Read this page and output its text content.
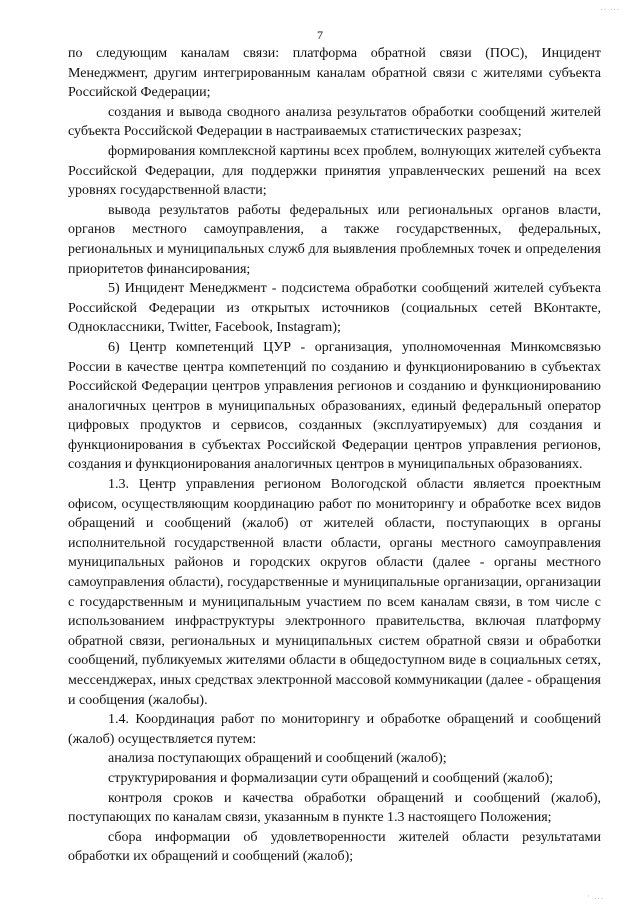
.. ...
7

по следующим каналам связи: платформа обратной связи (ПОС), Инцидент Менеджмент, другим интегрированным каналам обратной связи с жителями субъекта Российской Федерации;

создания и вывода сводного анализа результатов обработки сообщений жителей субъекта Российской Федерации в настраиваемых статистических разрезах;

формирования комплексной картины всех проблем, волнующих жителей субъекта Российской Федерации, для поддержки принятия управленческих решений на всех уровнях государственной власти;

вывода результатов работы федеральных или региональных органов власти, органов местного самоуправления, а также государственных, федеральных, региональных и муниципальных служб для выявления проблемных точек и определения приоритетов финансирования;

5) Инцидент Менеджмент - подсистема обработки сообщений жителей субъекта Российской Федерации из открытых источников (социальных сетей ВКонтакте, Одноклассники, Twitter, Facebook, Instagram);

6) Центр компетенций ЦУР - организация, уполномоченная Минкомсвязью России в качестве центра компетенций по созданию и функционированию в субъектах Российской Федерации центров управления регионов и созданию и функционированию аналогичных центров в муниципальных образованиях, единый федеральный оператор цифровых продуктов и сервисов, созданных (эксплуатируемых) для создания и функционирования в субъектах Российской Федерации центров управления регионов, создания и функционирования аналогичных центров в муниципальных образованиях.

1.3. Центр управления регионом Вологодской области является проектным офисом, осуществляющим координацию работ по мониторингу и обработке всех видов обращений и сообщений (жалоб) от жителей области, поступающих в органы исполнительной государственной власти области, органы местного самоуправления муниципальных районов и городских округов области (далее - органы местного самоуправления области), государственные и муниципальные организации, организации с государственным и муниципальным участием по всем каналам связи, в том числе с использованием инфраструктуры электронного правительства, включая платформу обратной связи, региональных и муниципальных систем обратной связи и обработки сообщений, публикуемых жителями области в общедоступном виде в социальных сетях, мессенджерах, иных средствах электронной массовой коммуникации (далее - обращения и сообщения (жалобы).

1.4. Координация работ по мониторингу и обработке обращений и сообщений (жалоб) осуществляется путем:

анализа поступающих обращений и сообщений (жалоб);

структурирования и формализации сути обращений и сообщений (жалоб);

контроля сроков и качества обработки обращений и сообщений (жалоб), поступающих по каналам связи, указанным в пункте 1.3 настоящего Положения;

сбора информации об удовлетворенности жителей области результатами обработки их обращений и сообщений (жалоб);

· ...
